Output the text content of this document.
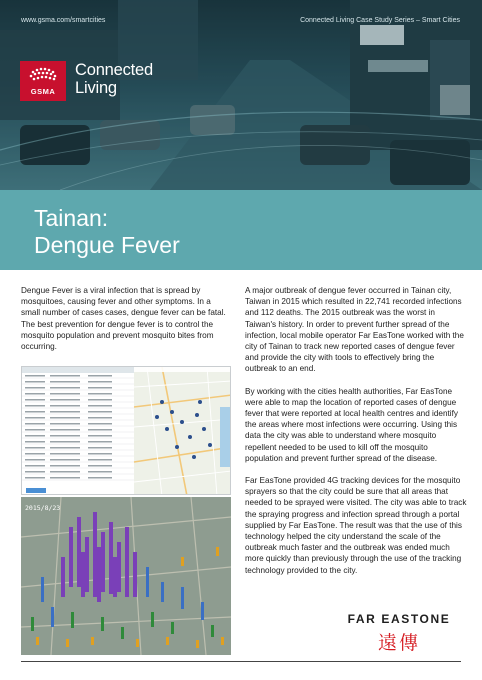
www.gsma.com/smartcities	Connected Living Case Study Series – Smart Cities
GSMA
Connected
Living
Tainan:
Dengue Fever

Dengue Fever is a viral infection that is spread by mosquitoes, causing fever and other symptoms. In a small number of cases cases, dengue fever can be fatal. The best prevention for dengue fever is to control the mosquito population and prevent mosquito bites from occurring.

2015/8/23

A major outbreak of dengue fever occurred in Tainan city, Taiwan in 2015 which resulted in 22,741 recorded infections and 112 deaths. The 2015 outbreak was the worst in Taiwan's history. In order to prevent further spread of the infection, local mobile operator Far EasTone worked with the city of Tainan to track new reported cases of dengue fever and provide the city with tools to effectively bring the outbreak to an end.

By working with the cities health authorities, Far EasTone were able to map the location of reported cases of dengue fever that were reported at local health centres and identify the areas where most infections were occurring. Using this data the city was able to understand where mosquito repellent needed to be used to kill off the mosquito population and prevent further spread of the disease.

Far EasTone provided 4G tracking devices for the mosquito sprayers so that the city could be sure that all areas that needed to be sprayed were visited. The city was able to track the spraying progress and infection spread through a portal supplied by Far EasTone. The result was that the use of this technology helped the city understand the scale of the outbreak much faster and the outbreak was ended much more quickly than previously through the use of the tracking technology provided to the city.

FAR EASTONE
遠傳
